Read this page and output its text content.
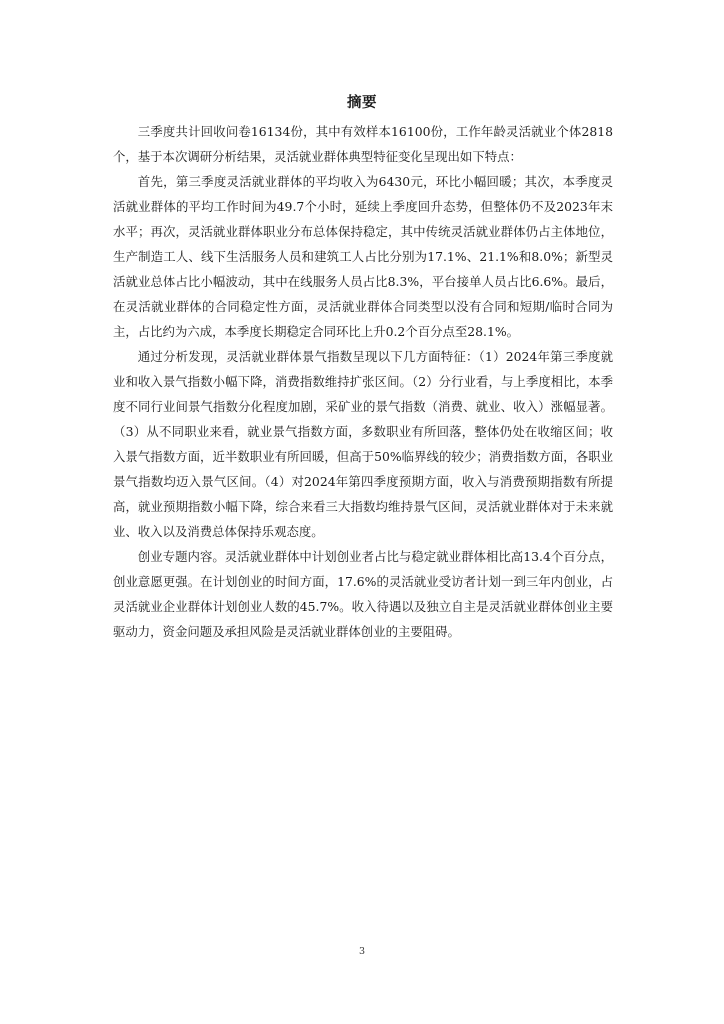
摘要

三季度共计回收问卷16134份，其中有效样本16100份，工作年龄灵活就业个体2818个，基于本次调研分析结果，灵活就业群体典型特征变化呈现出如下特点：

首先，第三季度灵活就业群体的平均收入为6430元，环比小幅回暖；其次，本季度灵活就业群体的平均工作时间为49.7个小时，延续上季度回升态势，但整体仍不及2023年末水平；再次，灵活就业群体职业分布总体保持稳定，其中传统灵活就业群体仍占主体地位，生产制造工人、线下生活服务人员和建筑工人占比分别为17.1%、21.1%和8.0%；新型灵活就业总体占比小幅波动，其中在线服务人员占比8.3%，平台接单人员占比6.6%。最后，在灵活就业群体的合同稳定性方面，灵活就业群体合同类型以没有合同和短期/临时合同为主，占比约为六成，本季度长期稳定合同环比上升0.2个百分点至28.1%。

通过分析发现，灵活就业群体景气指数呈现以下几方面特征：（1）2024年第三季度就业和收入景气指数小幅下降，消费指数维持扩张区间。（2）分行业看，与上季度相比，本季度不同行业间景气指数分化程度加剧，采矿业的景气指数（消费、就业、收入）涨幅显著。（3）从不同职业来看，就业景气指数方面，多数职业有所回落，整体仍处在收缩区间；收入景气指数方面，近半数职业有所回暖，但高于50%临界线的较少；消费指数方面，各职业景气指数均迈入景气区间。（4）对2024年第四季度预期方面，收入与消费预期指数有所提高，就业预期指数小幅下降，综合来看三大指数均维持景气区间，灵活就业群体对于未来就业、收入以及消费总体保持乐观态度。

创业专题内容。灵活就业群体中计划创业者占比与稳定就业群体相比高13.4个百分点，创业意愿更强。在计划创业的时间方面，17.6%的灵活就业受访者计划一到三年内创业，占灵活就业企业群体计划创业人数的45.7%。收入待遇以及独立自主是灵活就业群体创业主要驱动力，资金问题及承担风险是灵活就业群体创业的主要阻碍。

3
